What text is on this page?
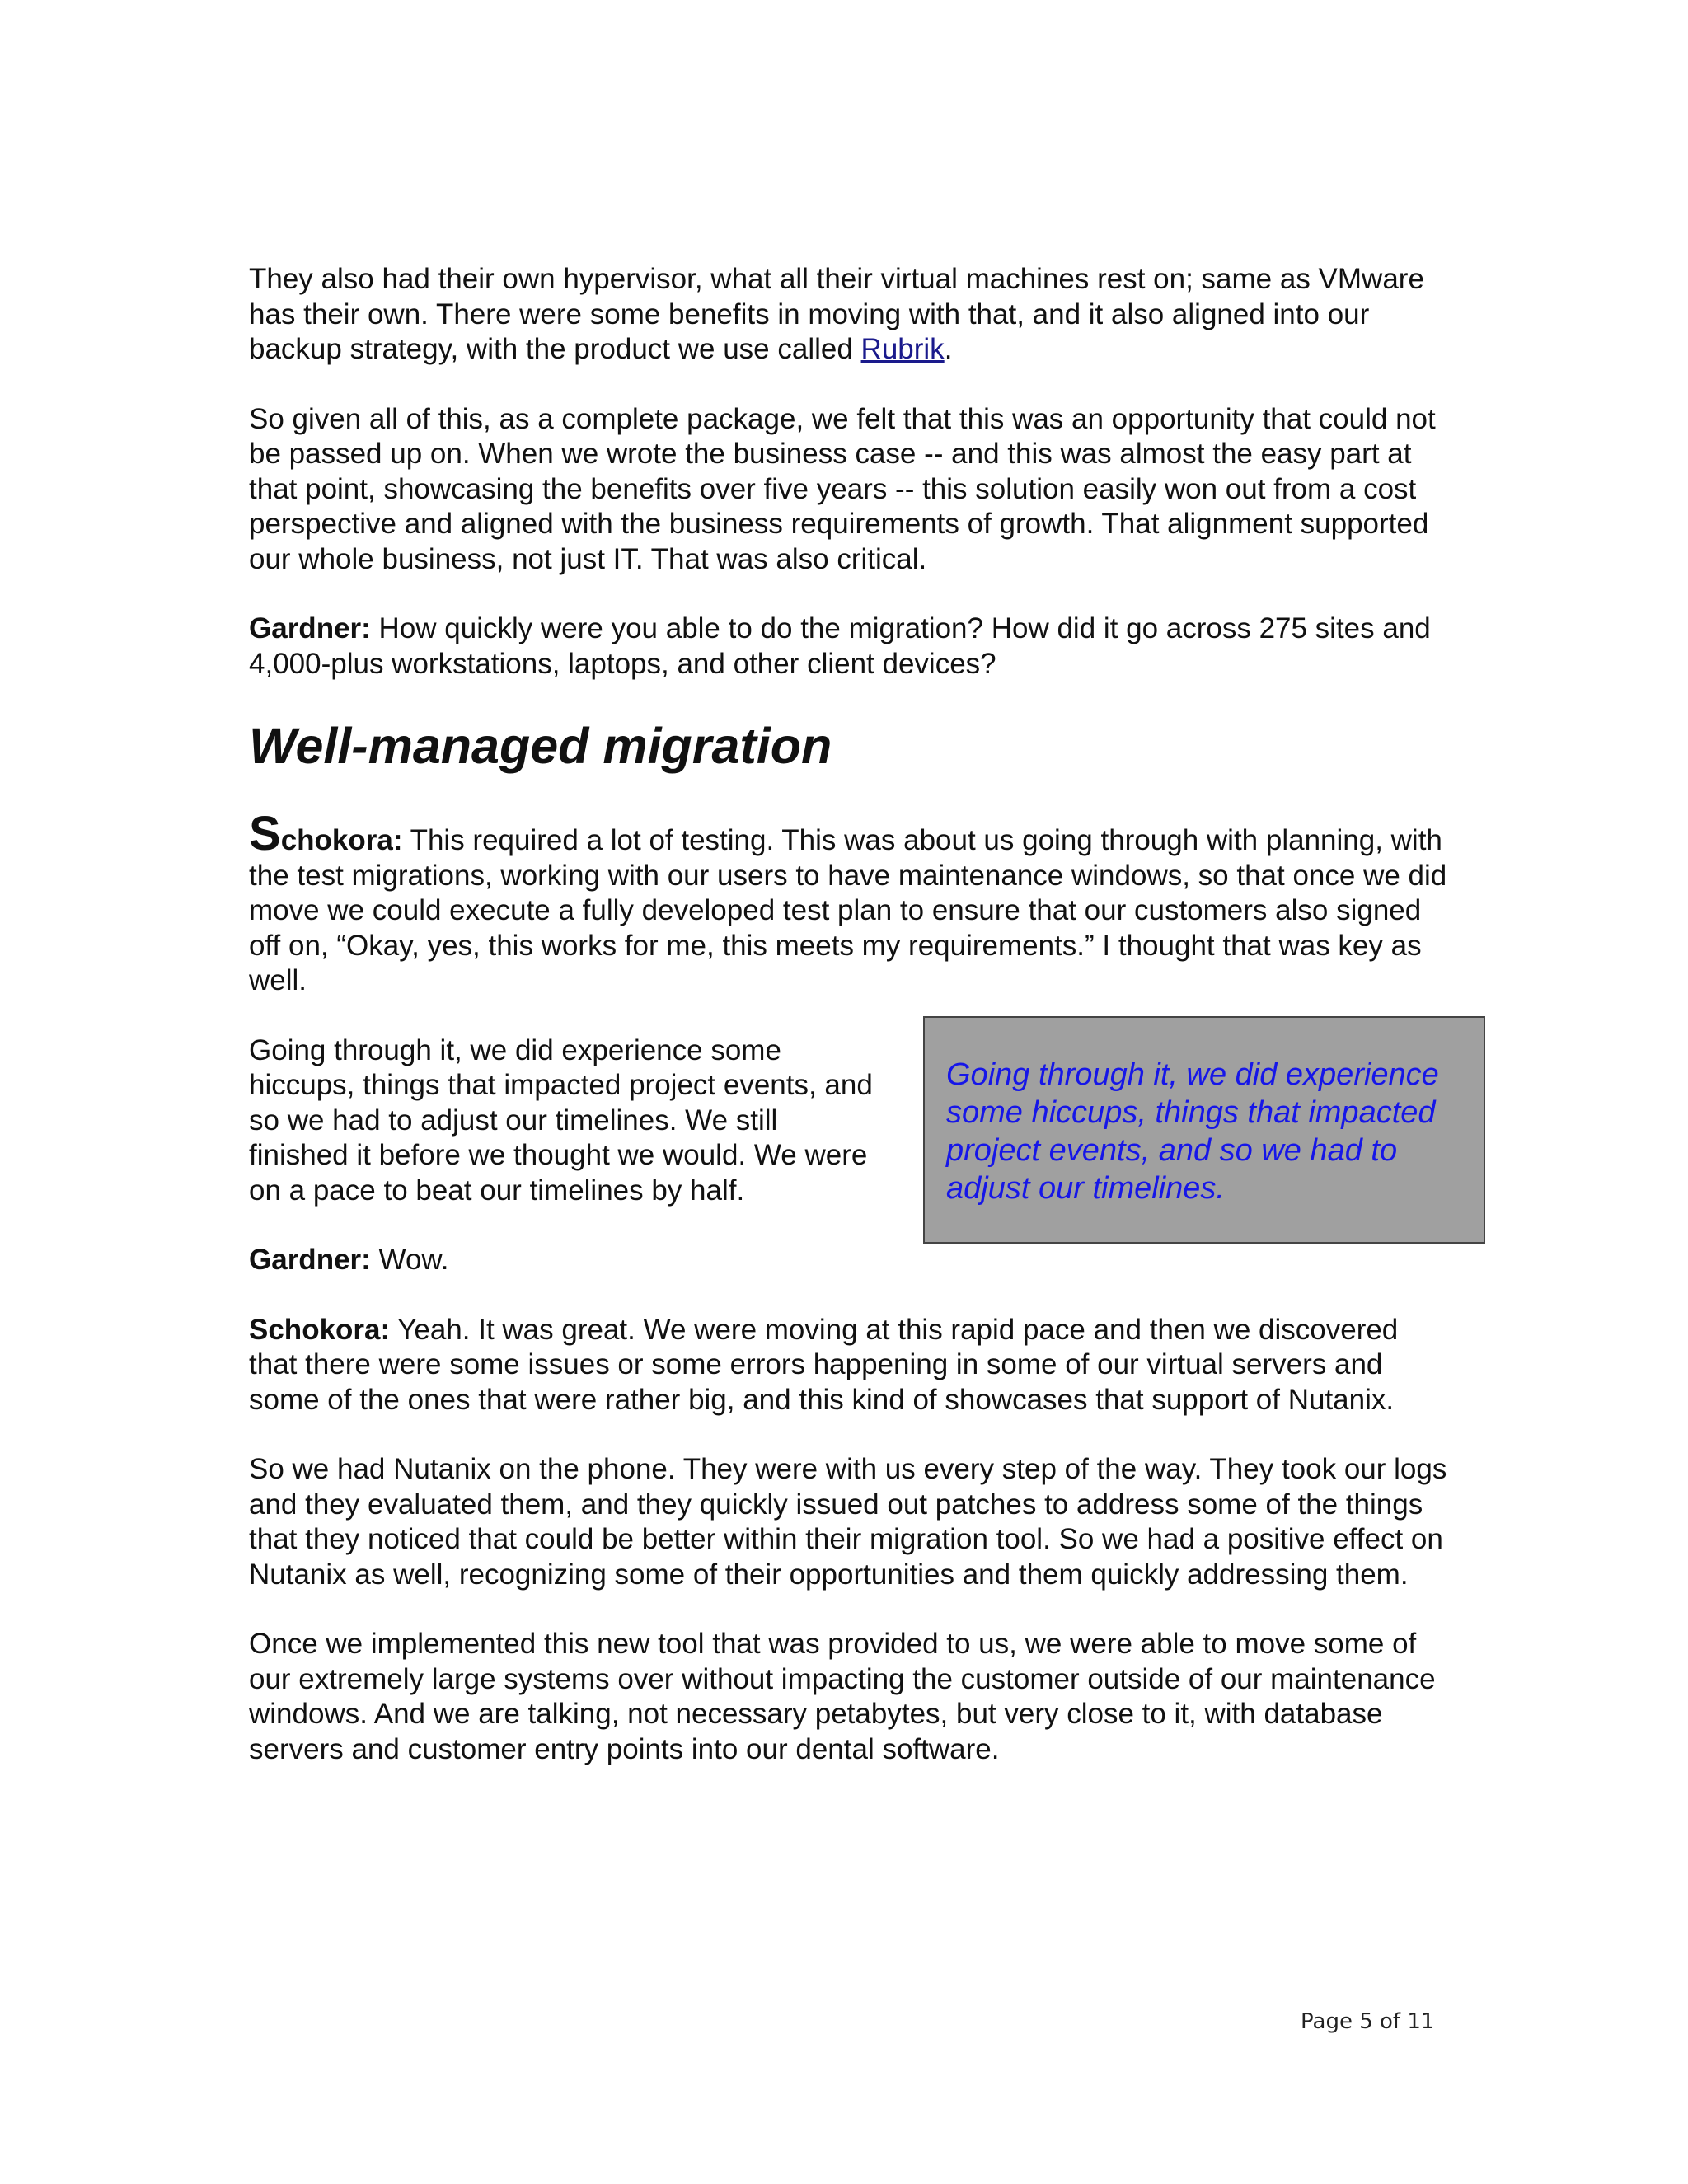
They also had their own hypervisor, what all their virtual machines rest on; same as VMware has their own. There were some benefits in moving with that, and it also aligned into our backup strategy, with the product we use called Rubrik.

So given all of this, as a complete package, we felt that this was an opportunity that could not be passed up on. When we wrote the business case -- and this was almost the easy part at that point, showcasing the benefits over five years -- this solution easily won out from a cost perspective and aligned with the business requirements of growth. That alignment supported our whole business, not just IT. That was also critical.

Gardner: How quickly were you able to do the migration? How did it go across 275 sites and 4,000-plus workstations, laptops, and other client devices?

Well-managed migration

Schokora: This required a lot of testing. This was about us going through with planning, with the test migrations, working with our users to have maintenance windows, so that once we did move we could execute a fully developed test plan to ensure that our customers also signed off on, “Okay, yes, this works for me, this meets my requirements.” I thought that was key as well.

Going through it, we did experience some hiccups, things that impacted project events, and so we had to adjust our timelines. We still finished it before we thought we would. We were on a pace to beat our timelines by half.

Gardner: Wow.

Schokora: Yeah. It was great. We were moving at this rapid pace and then we discovered that there were some issues or some errors happening in some of our virtual servers and some of the ones that were rather big, and this kind of showcases that support of Nutanix.

So we had Nutanix on the phone. They were with us every step of the way. They took our logs and they evaluated them, and they quickly issued out patches to address some of the things that they noticed that could be better within their migration tool. So we had a positive effect on Nutanix as well, recognizing some of their opportunities and them quickly addressing them.

Once we implemented this new tool that was provided to us, we were able to move some of our extremely large systems over without impacting the customer outside of our maintenance windows. And we are talking, not necessary petabytes, but very close to it, with database servers and customer entry points into our dental software.

Going through it, we did experience some hiccups, things that impacted project events, and so we had to adjust our timelines.
Page 5 of 11
